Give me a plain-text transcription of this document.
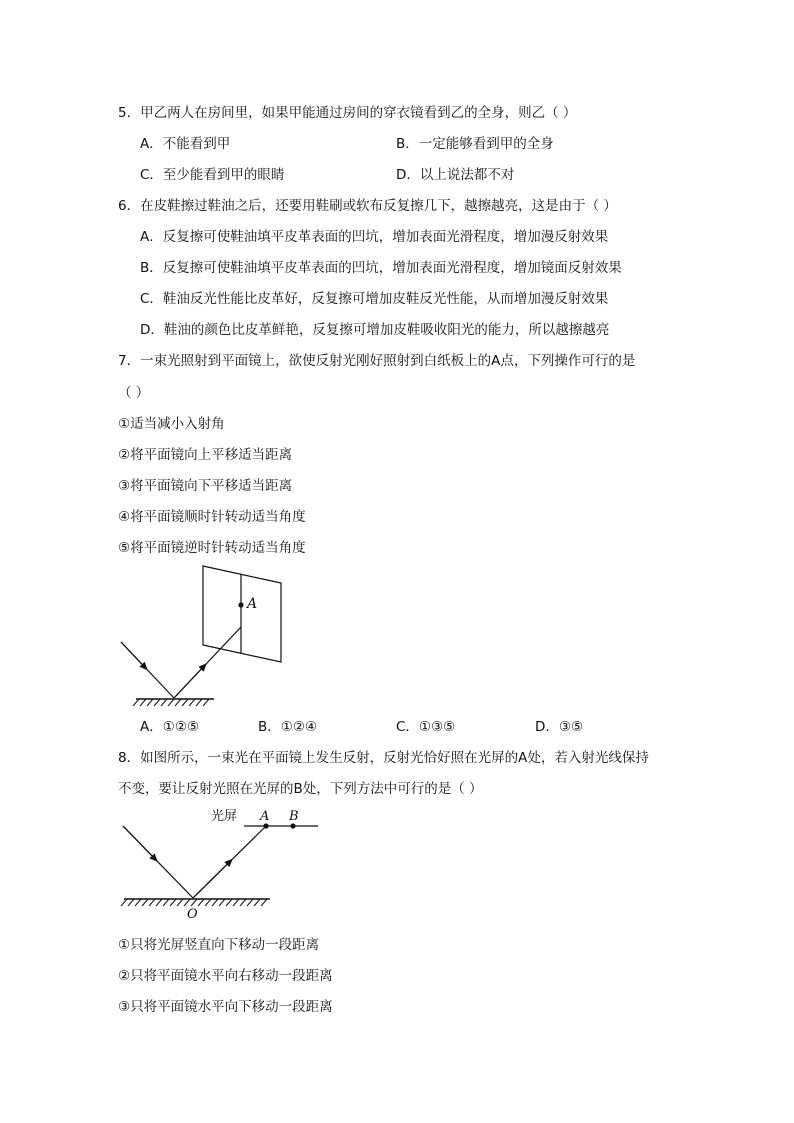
5．甲乙两人在房间里，如果甲能通过房间的穿衣镜看到乙的全身，则乙（ ）
A．不能看到甲	B．一定能够看到甲的全身
C．至少能看到甲的眼睛	D．以上说法都不对
6．在皮鞋擦过鞋油之后，还要用鞋刷或软布反复擦几下，越擦越亮，这是由于（ ）
A．反复擦可使鞋油填平皮革表面的凹坑，增加表面光滑程度，增加漫反射效果
B．反复擦可使鞋油填平皮革表面的凹坑，增加表面光滑程度，增加镜面反射效果
C．鞋油反光性能比皮革好，反复擦可增加皮鞋反光性能，从而增加漫反射效果
D．鞋油的颜色比皮革鲜艳，反复擦可增加皮鞋吸收阳光的能力，所以越擦越亮
7．一束光照射到平面镜上，欲使反射光刚好照射到白纸板上的A点，下列操作可行的是
（ ）
①适当减小入射角
②将平面镜向上平移适当距离
③将平面镜向下平移适当距离
④将平面镜顺时针转动适当角度
⑤将平面镜逆时针转动适当角度
A
A．①②⑤	B．①②④	C．①③⑤	D．③⑤
8．如图所示，一束光在平面镜上发生反射，反射光恰好照在光屏的A处，若入射光线保持
不变，要让反射光照在光屏的B处，下列方法中可行的是（ ）
光屏 A B
O
①只将光屏竖直向下移动一段距离
②只将平面镜水平向右移动一段距离
③只将平面镜水平向下移动一段距离
